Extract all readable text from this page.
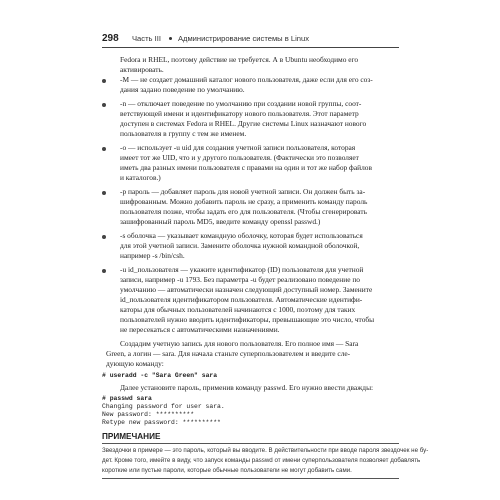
298 Часть III Администрирование системы в Linux
Fedora и RHEL, поэтому действие не требуется. А в Ubuntu необходимо его
активировать.
-M — не создает домашний каталог нового пользователя, даже если для его соз-
дания задано поведение по умолчанию.
-n — отключает поведение по умолчанию при создании новой группы, соот-
ветствующей имени и идентификатору нового пользователя. Этот параметр
доступен в системах Fedora и RHEL. Другие системы Linux назначают нового
пользователя в группу с тем же именем.
-o — использует -u uid для создания учетной записи пользователя, которая
имеет тот же UID, что и у другого пользователя. (Фактически это позволяет
иметь два разных имени пользователя с правами на один и тот же набор файлов
и каталогов.)
-p пароль — добавляет пароль для новой учетной записи. Он должен быть за-
шифрованным. Можно добавить пароль не сразу, а применить команду пароль
пользователя позже, чтобы задать его для пользователя. (Чтобы сгенерировать
зашифрованный пароль MD5, введите команду openssl passwd.)
-s оболочка — указывает командную оболочку, которая будет использоваться
для этой учетной записи. Замените оболочка нужной командной оболочкой,
например -s /bin/csh.
-u id_пользователя — укажите идентификатор (ID) пользователя для учетной
записи, например -u 1793. Без параметра -u будет реализовано поведение по
умолчанию — автоматически назначен следующий доступный номер. Замените
id_пользователя идентификатором пользователя. Автоматические идентифи-
каторы для обычных пользователей начинаются с 1000, поэтому для таких
пользователей нужно вводить идентификаторы, превышающие это число, чтобы
не пересекаться с автоматическими назначениями.
Создадим учетную запись для нового пользователя. Его полное имя — Sara
Green, а логин — sara. Для начала станьте суперпользователем и введите сле-
дующую команду:
# useradd -c "Sara Green" sara
Далее установите пароль, применив команду passwd. Его нужно ввести дважды:
# passwd sara
Changing password for user sara.
New password: **********
Retype new password: **********
ПРИМЕЧАНИЕ
Звездочки в примере — это пароль, который вы вводите. В действительности при вводе пароля звездочек не бу-
дет. Кроме того, имейте в виду, что запуск команды passwd от имени суперпользователя позволяет добавлять
короткие или пустые пароли, которые обычные пользователи не могут добавить сами.
